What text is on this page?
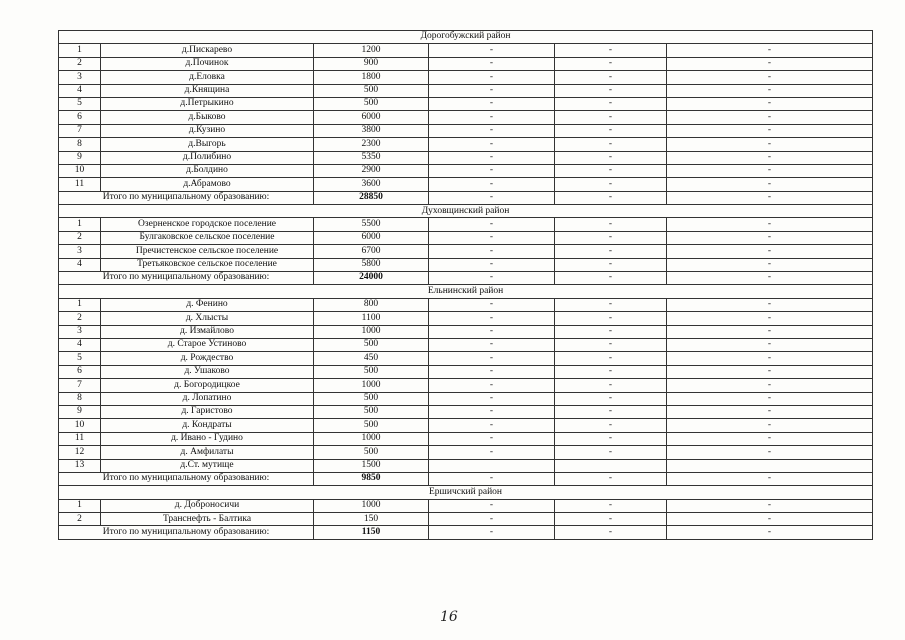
Дорогобужский район					
1	д.Пискарево	1200	-	-	-
2	д.Починок	900	-	-	-
3	д.Еловка	1800	-	-	-
4	д.Княщина	500	-	-	-
5	д.Петрыкино	500	-	-	-
6	д.Быково	6000	-	-	-
7	д.Кузино	3800	-	-	-
8	д.Выгорь	2300	-	-	-
9	д.Полибино	5350	-	-	-
10	д.Болдино	2900	-	-	-
11	д.Абрамово	3600	-	-	-
Итого по муниципальному образованию:		28850	-	-	-
Духовщинский район					
1	Озерненское городское поселение	5500	-	-	-
2	Булгаковское сельское поселение	6000	-	-	-
3	Пречистенское сельское поселение	6700	-	-	-
4	Третьяковское сельское поселение	5800	-	-	-
Итого по муниципальному образованию:		24000	-	-	-
Ельнинский район					
1	д. Фенино	800	-	-	-
2	д. Хлысты	1100	-	-	-
3	д. Измайлово	1000	-	-	-
4	д. Старое Устиново	500	-	-	-
5	д. Рождество	450	-	-	-
6	д. Ушаково	500	-	-	-
7	д. Богородицкое	1000	-	-	-
8	д. Лопатино	500	-	-	-
9	д. Гаристово	500	-	-	-
10	д. Кондраты	500	-	-	-
11	д. Ивано - Гудино	1000	-	-	-
12	д. Амфилаты	500	-	-	-
13	д.Ст. мутище	1500			
Итого по муниципальному образованию:		9850	-	-	-
Ершичский район					
1	д. Доброносичи	1000	-	-	-
2	Транснефть - Балтика	150	-	-	-
Итого по муниципальному образованию:		1150	-	-	-
16
